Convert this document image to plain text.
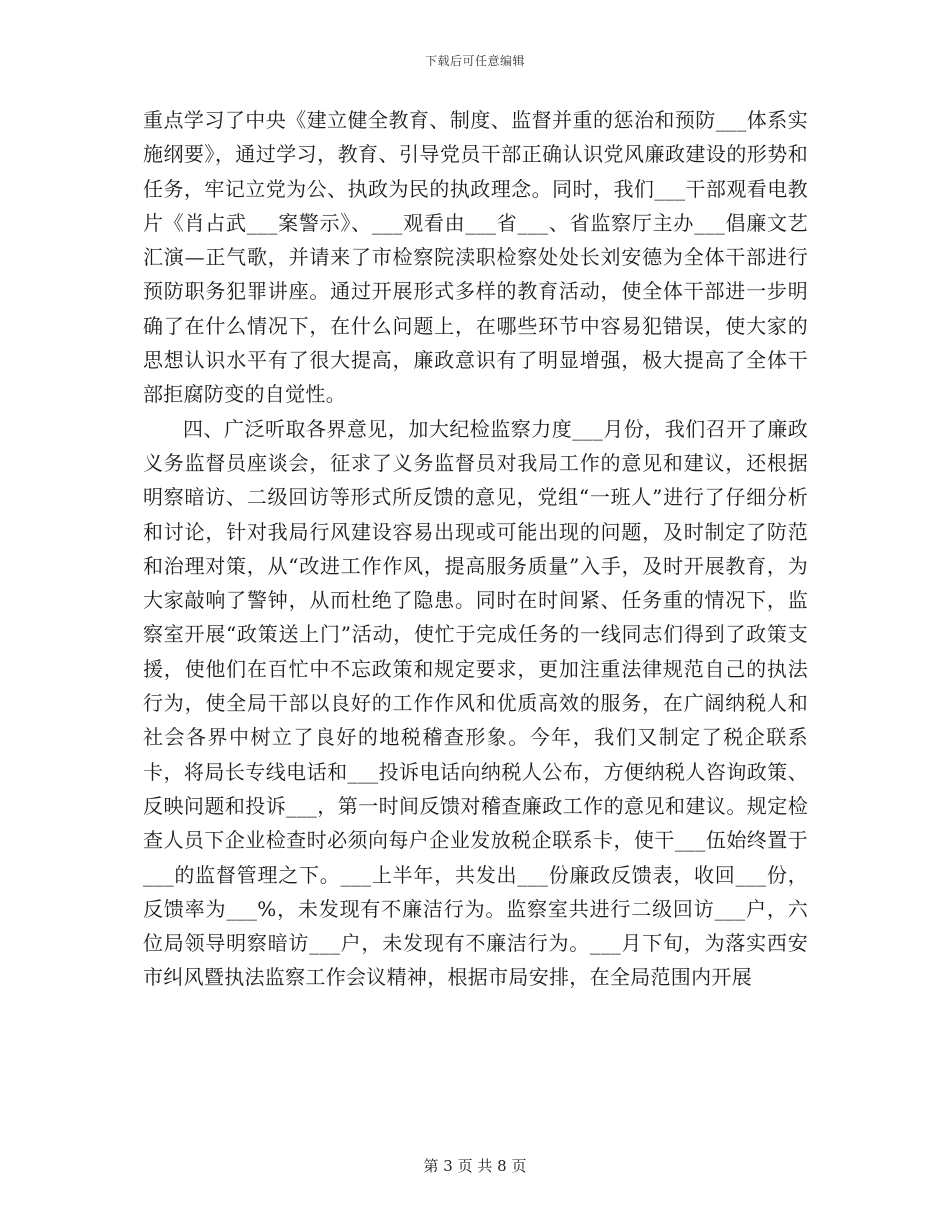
下载后可任意编辑

重点学习了中央《建立健全教育、制度、监督并重的惩治和预防___体系实施纲要》，通过学习，教育、引导党员干部正确认识党风廉政建设的形势和任务，牢记立党为公、执政为民的执政理念。同时，我们___干部观看电教片《肖占武___案警示》、___观看由___省___、省监察厅主办___倡廉文艺汇演—正气歌，并请来了市检察院渎职检察处处长刘安德为全体干部进行预防职务犯罪讲座。通过开展形式多样的教育活动，使全体干部进一步明确了在什么情况下，在什么问题上，在哪些环节中容易犯错误，使大家的思想认识水平有了很大提高，廉政意识有了明显增强，极大提高了全体干部拒腐防变的自觉性。

四、广泛听取各界意见，加大纪检监察力度___月份，我们召开了廉政义务监督员座谈会，征求了义务监督员对我局工作的意见和建议，还根据明察暗访、二级回访等形式所反馈的意见，党组“一班人”进行了仔细分析和讨论，针对我局行风建设容易出现或可能出现的问题，及时制定了防范和治理对策，从“改进工作作风，提高服务质量”入手，及时开展教育，为大家敲响了警钟，从而杜绝了隐患。同时在时间紧、任务重的情况下，监察室开展“政策送上门”活动，使忙于完成任务的一线同志们得到了政策支援，使他们在百忙中不忘政策和规定要求，更加注重法律规范自己的执法行为，使全局干部以良好的工作作风和优质高效的服务，在广阔纳税人和社会各界中树立了良好的地税稽查形象。今年，我们又制定了税企联系卡，将局长专线电话和___投诉电话向纳税人公布，方便纳税人咨询政策、反映问题和投诉___，第一时间反馈对稽查廉政工作的意见和建议。规定检查人员下企业检查时必须向每户企业发放税企联系卡，使干___伍始终置于___的监督管理之下。___上半年，共发出___份廉政反馈表，收回___份，反馈率为___%，未发现有不廉洁行为。监察室共进行二级回访___户，六位局领导明察暗访___户，未发现有不廉洁行为。___月下旬，为落实西安市纠风暨执法监察工作会议精神，根据市局安排，在全局范围内开展

第 3 页 共 8 页
